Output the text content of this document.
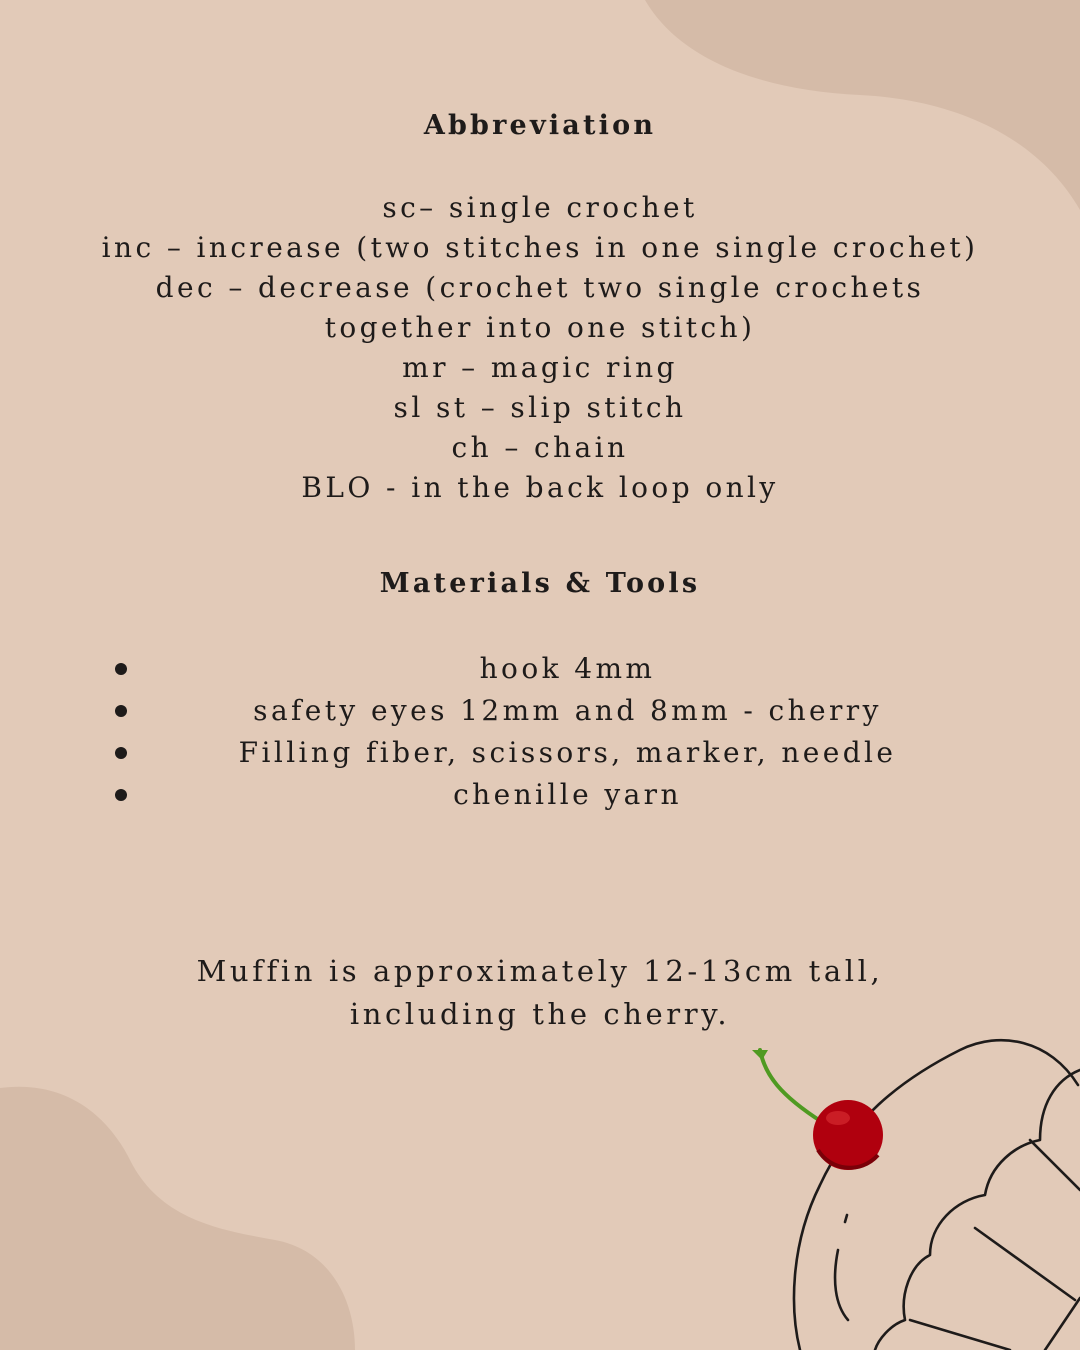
Abbreviation
sc– single crochet
inc – increase (two stitches in one single crochet)
dec – decrease (crochet two single crochets
together into one stitch)
mr – magic ring
sl st – slip stitch
ch – chain
BLO - in the back loop only
Materials & Tools
hook 4mm
safety eyes 12mm and 8mm - cherry
Filling fiber, scissors, marker, needle
chenille yarn
Muffin is approximately 12-13cm tall,
including the cherry.
